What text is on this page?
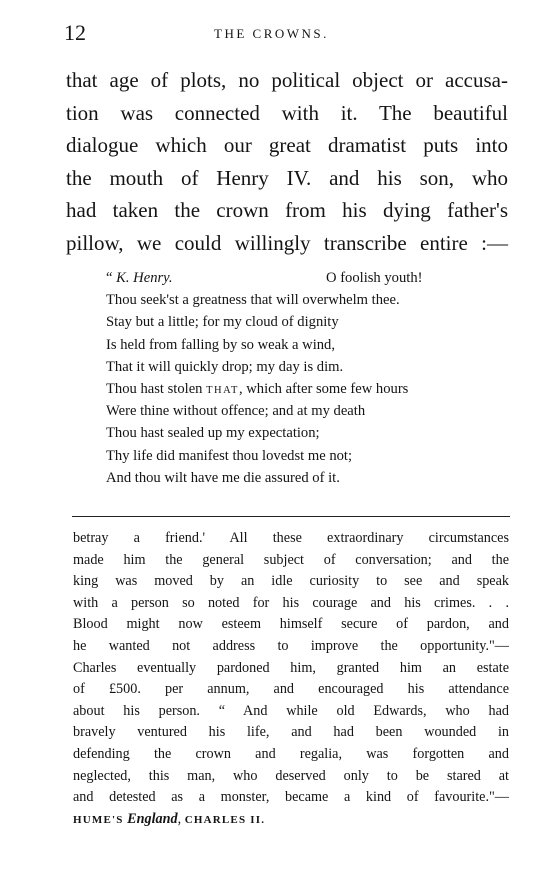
12	THE CROWNS.
that age of plots, no political object or accusa-
tion was connected with it. The beautiful
dialogue which our great dramatist puts into
the mouth of Henry IV. and his son, who
had taken the crown from his dying father's
pillow, we could willingly transcribe entire :—
“ K. Henry.	O foolish youth!
Thou seek'st a greatness that will overwhelm thee.
Stay but a little; for my cloud of dignity
Is held from falling by so weak a wind,
That it will quickly drop; my day is dim.
Thou hast stolen THAT, which after some few hours
Were thine without offence; and at my death
Thou hast sealed up my expectation;
Thy life did manifest thou lovedst me not;
And thou wilt have me die assured of it.
betray a friend.' All these extraordinary circumstances
made him the general subject of conversation; and the
king was moved by an idle curiosity to see and speak
with a person so noted for his courage and his crimes. . .
Blood might now esteem himself secure of pardon, and
he wanted not address to improve the opportunity."—
Charles eventually pardoned him, granted him an estate
of £500. per annum, and encouraged his attendance
about his person. “ And while old Edwards, who had
bravely ventured his life, and had been wounded in
defending the crown and regalia, was forgotten and
neglected, this man, who deserved only to be stared at
and detested as a monster, became a kind of favourite."—
HUME'S England, CHARLES II.
